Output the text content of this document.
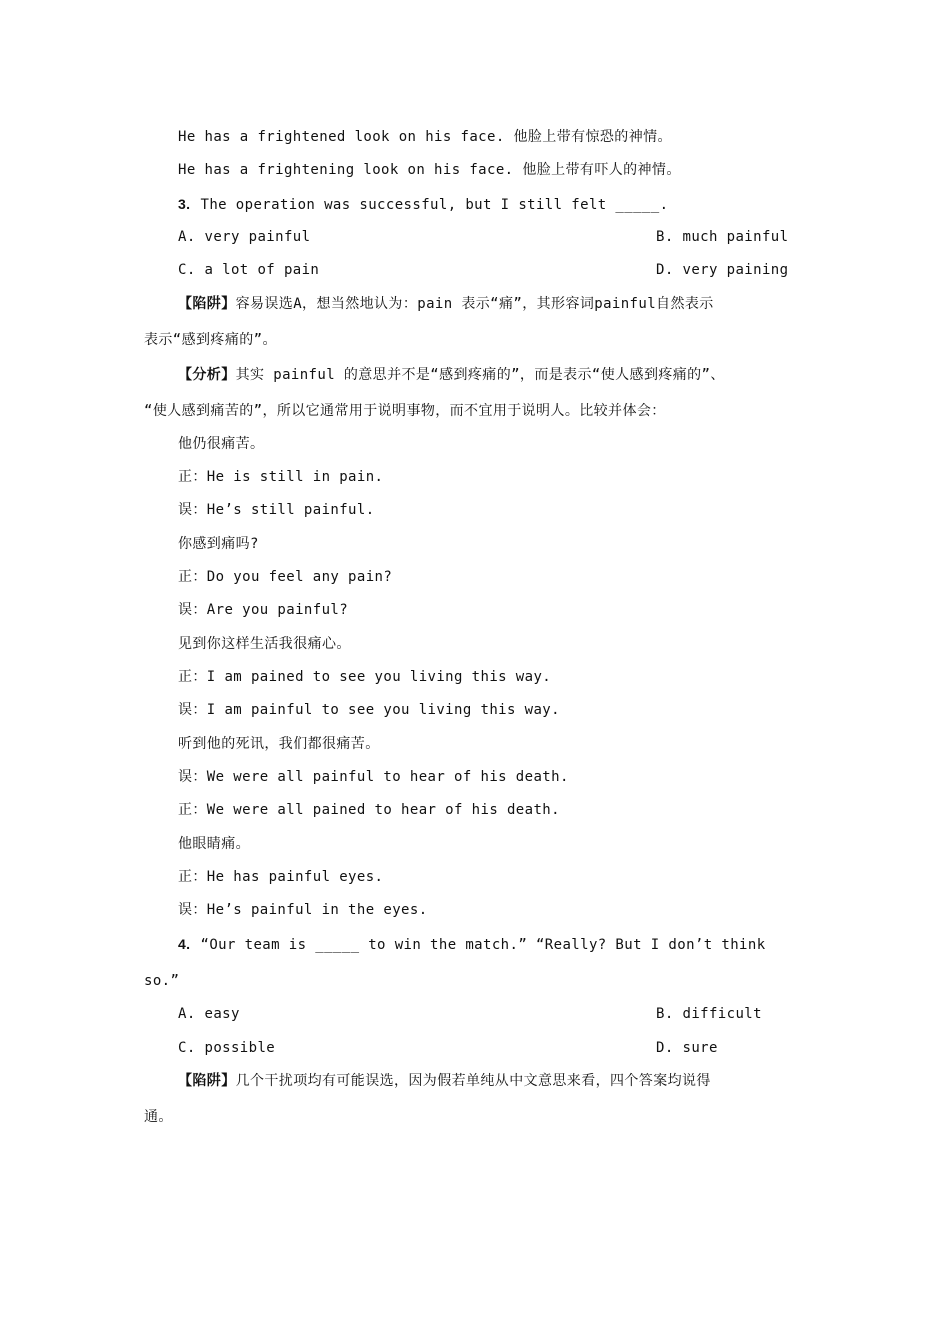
He has a frightened look on his face. 他脸上带有惊恐的神情。
He has a frightening look on his face. 他脸上带有吓人的神情。
3. The operation was successful, but I still felt _____.
A. very painful	B. much painful
C. a lot of pain	D. very paining
【陷阱】容易误选A，想当然地认为：pain 表示“痛”，其形容词painful自然表示
表示“感到疼痛的”。
【分析】其实 painful 的意思并不是“感到疼痛的”，而是表示“使人感到疼痛的”、
“使人感到痛苦的”，所以它通常用于说明事物，而不宜用于说明人。比较并体会：
他仍很痛苦。
正：He is still in pain.
误：He’s still painful.
你感到痛吗?
正：Do you feel any pain?
误：Are you painful?
见到你这样生活我很痛心。
正：I am pained to see you living this way.
误：I am painful to see you living this way.
听到他的死讯，我们都很痛苦。
误：We were all painful to hear of his death.
正：We were all pained to hear of his death.
他眼睛痛。
正：He has painful eyes.
误：He’s painful in the eyes.
4. “Our team is _____ to win the match.” “Really? But I don’t think
so.”
A. easy	B. difficult
C. possible	D. sure
【陷阱】几个干扰项均有可能误选，因为假若单纯从中文意思来看，四个答案均说得
通。
